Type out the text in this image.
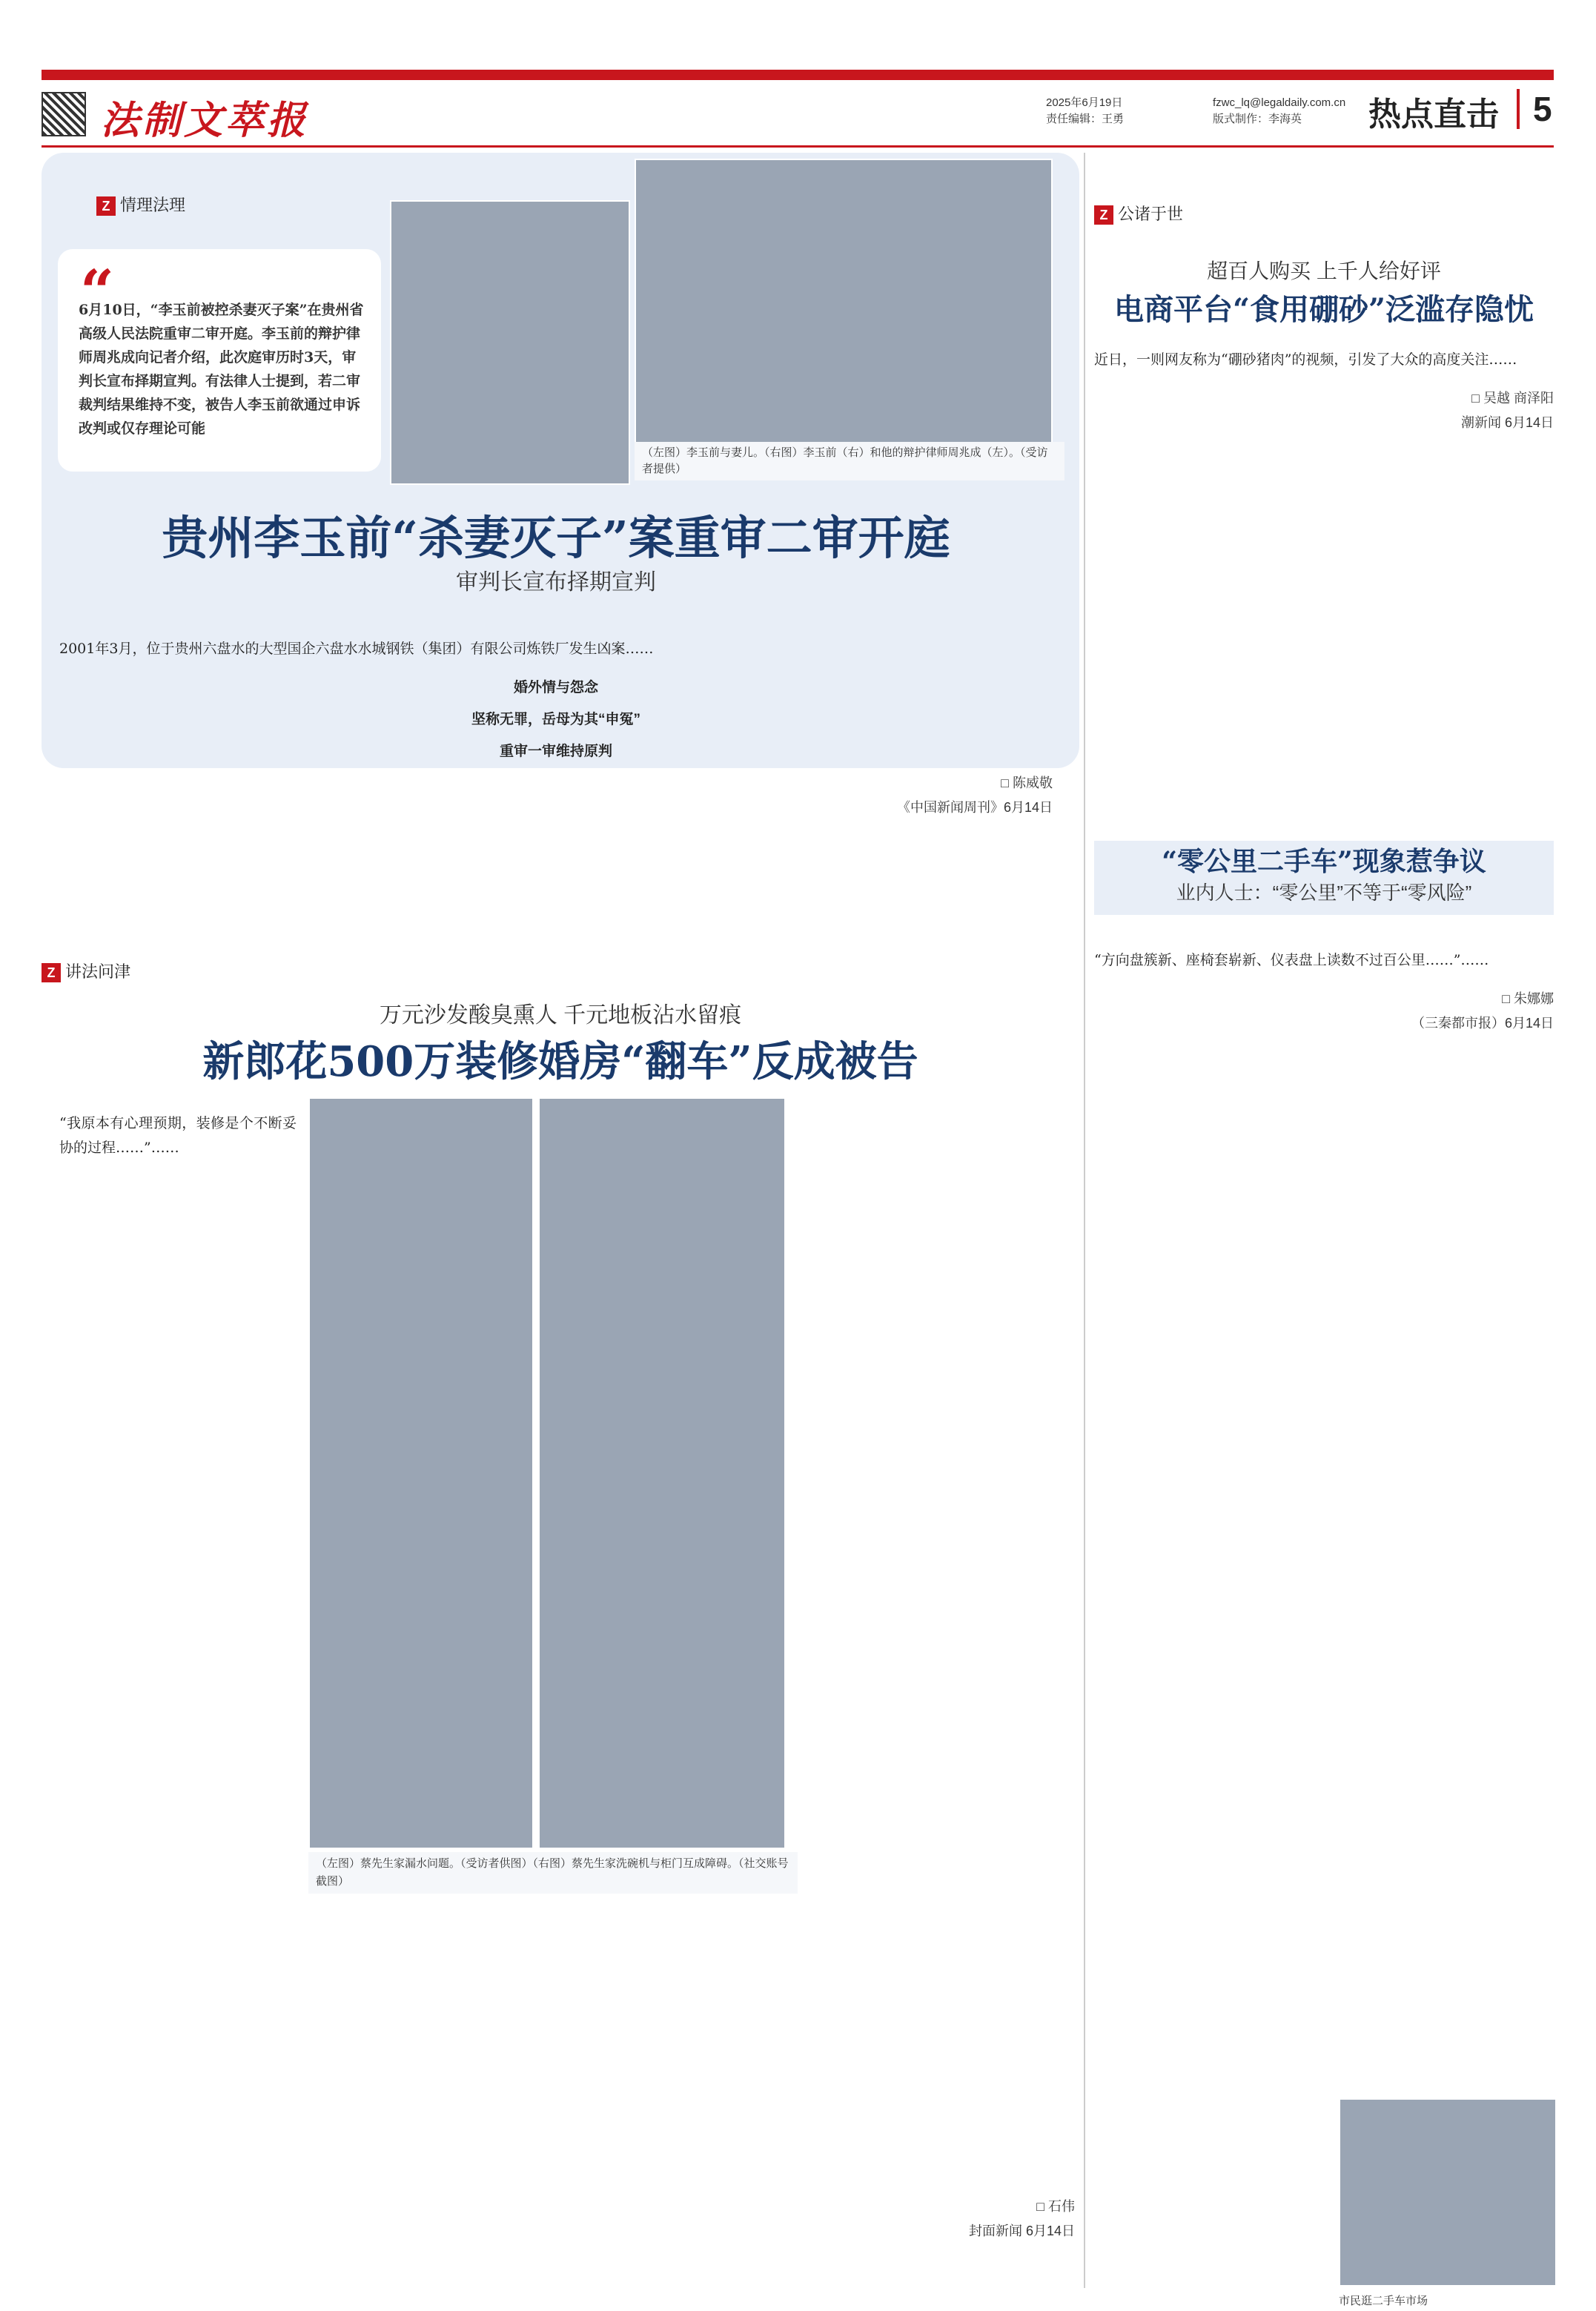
法制文萃报	2025年6月19日
责任编辑：王勇
fzwc_lq@legaldaily.com.cn
版式制作：李海英	热点直击	5
Z 情理法理
“
6月10日，“李玉前被控杀妻灭子案”在贵州省高级人民法院重审二审开庭。李玉前的辩护律师周兆成向记者介绍，此次庭审历时3天，审判长宣布择期宣判。有法律人士提到，若二审裁判结果维持不变，被告人李玉前欲通过申诉改判或仅存理论可能
（左图）李玉前与妻儿。（右图）李玉前（右）和他的辩护律师周兆成（左）。（受访者提供）
贵州李玉前“杀妻灭子”案重审二审开庭
审判长宣布择期宣判

2001年3月，位于贵州六盘水的大型国企六盘水水城钢铁（集团）有限公司炼铁厂发生凶案……

婚外情与怨念
坚称无罪，岳母为其“申冤”
重审一审维持原判
□ 陈威敬
《中国新闻周刊》6月14日
Z 公诸于世
超百人购买 上千人给好评
电商平台“食用硼砂”泛滥存隐忧

近日，一则网友称为“硼砂猪肉”的视频，引发了大众的高度关注……

□ 吴越 商泽阳
潮新闻 6月14日
“零公里二手车”现象惹争议
业内人士：“零公里”不等于“零风险”

“方向盘簇新、座椅套崭新、仪表盘上读数不过百公里……”……

□ 朱娜娜
（三秦都市报）6月14日
市民逛二手车市场
Z 讲法问津
万元沙发酸臭熏人 千元地板沾水留痕
新郎花500万装修婚房“翻车”反成被告
（左图）蔡先生家漏水问题。（受访者供图）（右图）蔡先生家洗碗机与柜门互成障碍。（社交账号截图）

“我原本有心理预期，装修是个不断妥协的过程……”……

□ 石伟
封面新闻 6月14日
